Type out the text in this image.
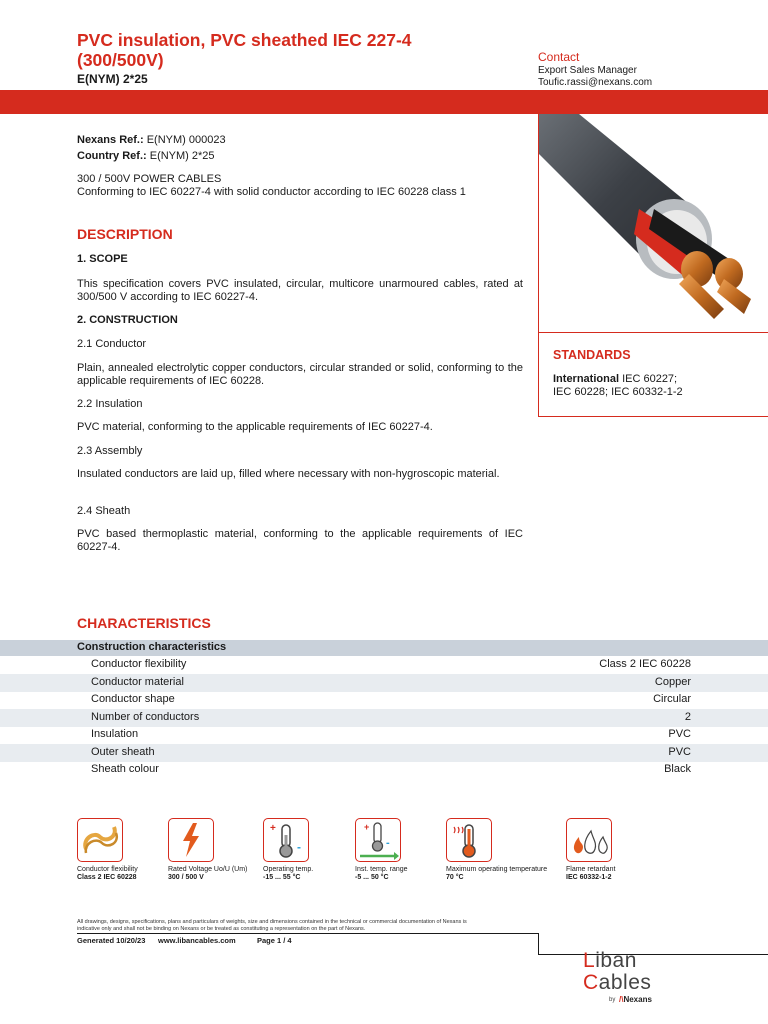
PVC insulation, PVC sheathed IEC 227-4
(300/500V)
E(NYM) 2*25
Contact
Export Sales Manager
Toufic.rassi@nexans.com
STANDARDS
International IEC 60227;
IEC 60228; IEC 60332-1-2
Nexans Ref.: E(NYM) 000023
Country Ref.: E(NYM) 2*25
300 / 500V POWER CABLES
Conforming to IEC 60227-4 with solid conductor according to IEC 60228 class 1
DESCRIPTION
1. SCOPE
This specification covers PVC insulated, circular, multicore unarmoured cables, rated at 300/500 V according to IEC 60227-4.
2. CONSTRUCTION
2.1 Conductor
Plain, annealed electrolytic copper conductors, circular stranded or solid, conforming to the applicable requirements of IEC 60228.
2.2 Insulation
PVC material, conforming to the applicable requirements of IEC 60227-4.
2.3 Assembly
Insulated conductors are laid up, filled where necessary with non-hygroscopic material.
2.4 Sheath
PVC based thermoplastic material, conforming to the applicable requirements of IEC 60227-4.
CHARACTERISTICS
Construction characteristics
Conductor flexibility	Class 2 IEC 60228
Conductor material	Copper
Conductor shape	Circular
Number of conductors	2
Insulation	PVC
Outer sheath	PVC
Sheath colour	Black
+
-
+
-
Conductor flexibility
Class 2 IEC 60228
Rated Voltage Uo/U (Um)
300 / 500 V
Operating temp.
-15 ... 55 °C
Inst. temp. range
-5 ... 50 °C
Maximum operating temperature
70 °C
Flame retardant
IEC 60332-1-2
All drawings, designs, specifications, plans and particulars of weights, size and dimensions contained in the technical or commercial documentation of Nexans is
indicative only and shall not be binding on Nexans or be treated as constituting a representation on the part of Nexans.
Generated 10/20/23 www.libancables.com	Page 1 / 4
Liban
Cables
by /\Nexans
